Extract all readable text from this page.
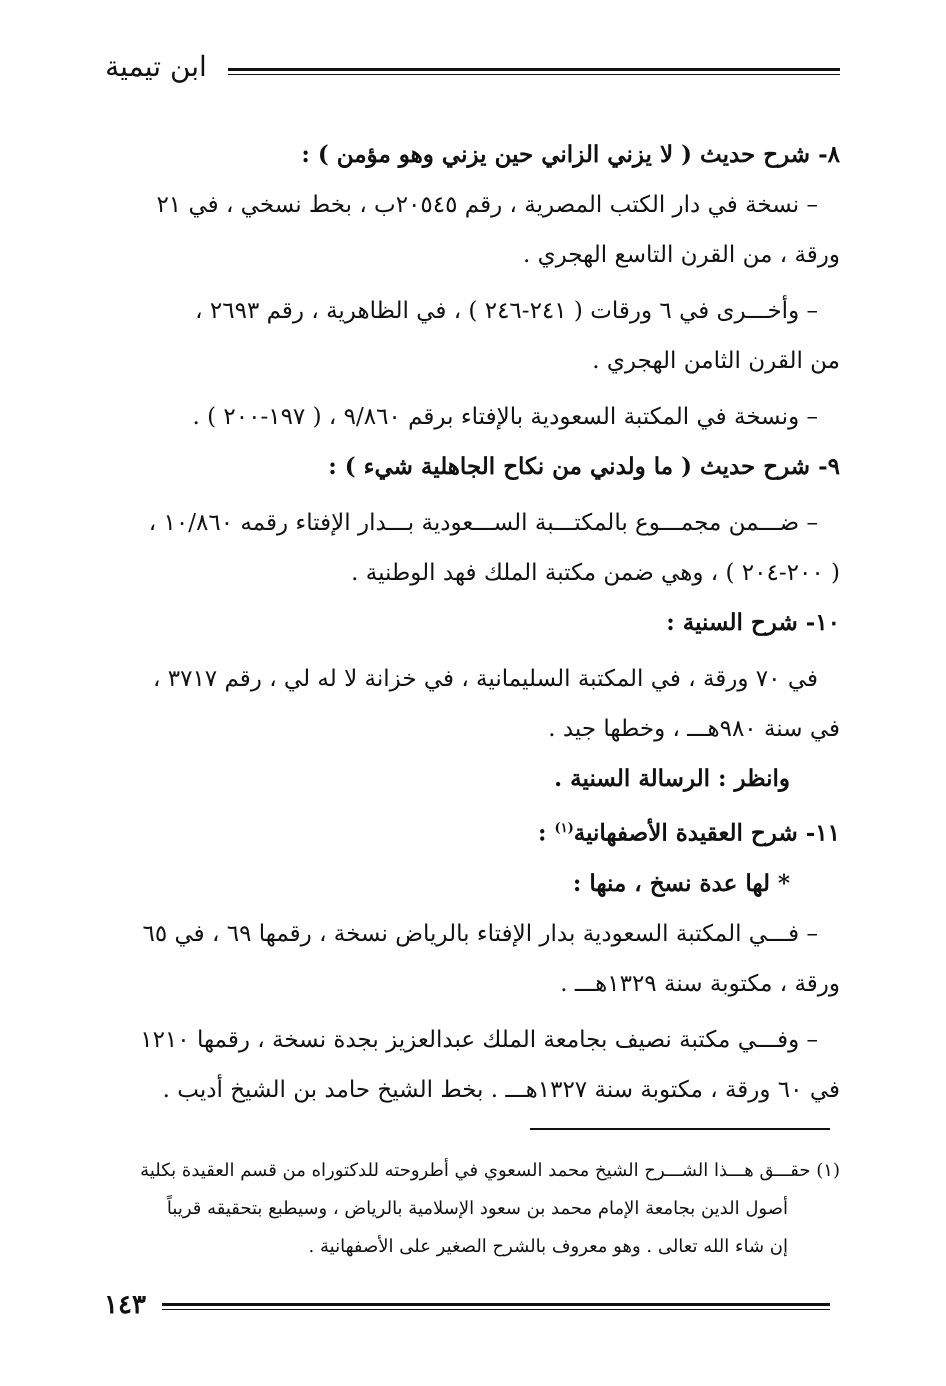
ابن تيمية

٨- شرح حديث ( لا يزني الزاني حين يزني وهو مؤمن ) :

– نسخة في دار الكتب المصرية ، رقم ٢٠٥٤٥ب ، بخط نسخي ، في ٢١

ورقة ، من القرن التاسع الهجري .

– وأخـــرى في ٦ ورقات ( ٢٤١-٢٤٦ ) ، في الظاهرية ، رقم ٢٦٩٣ ،

من القرن الثامن الهجري .

– ونسخة في المكتبة السعودية بالإفتاء برقم ٩/٨٦٠ ، ( ١٩٧-٢٠٠ ) .

٩- شرح حديث ( ما ولدني من نكاح الجاهلية شيء ) :

– ضـــمن مجمـــوع بالمكتـــبة الســـعودية بـــدار الإفتاء رقمه ١٠/٨٦٠ ،

( ٢٠٠-٢٠٤ ) ، وهي ضمن مكتبة الملك فهد الوطنية .

١٠- شرح السنية :

في ٧٠ ورقة ، في المكتبة السليمانية ، في خزانة لا له لي ، رقم ٣٧١٧ ،

في سنة ٩٨٠هـــ ، وخطها جيد .

وانظر : الرسالة السنية .

١١- شرح العقيدة الأصفهانية$^{(١)}$ :

* لها عدة نسخ ، منها :

– فـــي المكتبة السعودية بدار الإفتاء بالرياض نسخة ، رقمها ٦٩ ، في ٦٥

ورقة ، مكتوبة سنة ١٣٢٩هـــ .

– وفـــي مكتبة نصيف بجامعة الملك عبدالعزيز بجدة نسخة ، رقمها ١٢١٠

في ٦٠ ورقة ، مكتوبة سنة ١٣٢٧هـــ . بخط الشيخ حامد بن الشيخ أديب .

(١) حقـــق هـــذا الشـــرح الشيخ محمد السعوي في أطروحته للدكتوراه من قسم العقيدة بكلية

أصول الدين بجامعة الإمام محمد بن سعود الإسلامية بالرياض ، وسيطبع بتحقيقه قريباً

إن شاء الله تعالى . وهو معروف بالشرح الصغير على الأصفهانية .

١٤٣
